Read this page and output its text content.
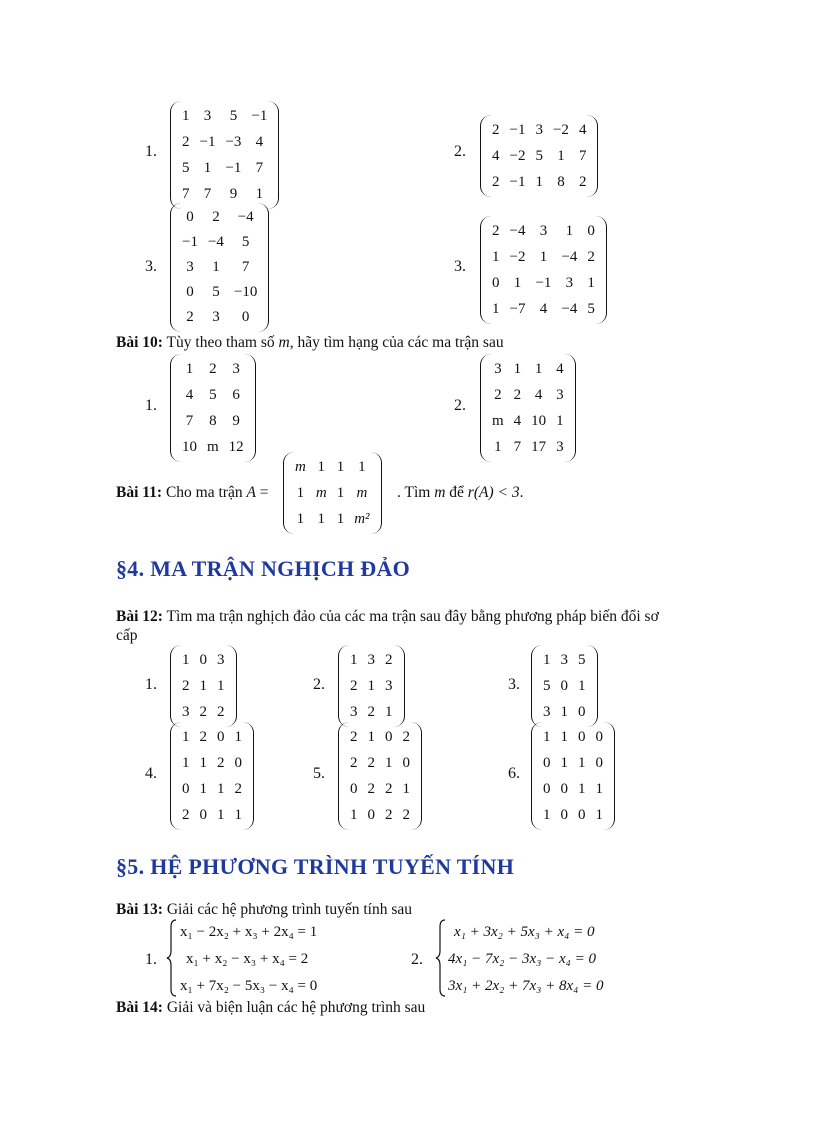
1.
1	3	5	−1
2	−1	−3	4
5	1	−1	7
7	7	9	1
2.
2	−1	3	−2	4
4	−2	5	1	7
2	−1	1	8	2
3.
0	2	−4
−1	−4	5
3	1	7
0	5	−10
2	3	0
3.
2	−4	3	1	0
1	−2	1	−4	2
0	1	−1	3	1
1	−7	4	−4	5
Bài 10: Tùy theo tham số m, hãy tìm hạng của các ma trận sau
1.
1	2	3
4	5	6
7	8	9
10	m	12
2.
3	1	1	4
2	2	4	3
m	4	10	1
1	7	17	3
Bài 11: Cho ma trận A =
m	1	1	1
1	m	1	m
1	1	1	m²
. Tìm m để r(A) < 3.
§4. MA TRẬN NGHỊCH ĐẢO
Bài 12: Tìm ma trận nghịch đảo của các ma trận sau đây bằng phương pháp biến đổi sơ
cấp
1.
1	0	3
2	1	1
3	2	2
2.
1	3	2
2	1	3
3	2	1
3.
1	3	5
5	0	1
3	1	0
4.
1	2	0	1
1	1	2	0
0	1	1	2
2	0	1	1
5.
2	1	0	2
2	2	1	0
0	2	2	1
1	0	2	2
6.
1	1	0	0
0	1	1	0
0	0	1	1
1	0	0	1
§5. HỆ PHƯƠNG TRÌNH TUYẾN TÍNH
Bài 13: Giải các hệ phương trình tuyến tính sau
1.
x₁ − 2x₂ + x₃ + 2x₄ = 1
x₁ + x₂ − x₃ + x₄ = 2
x₁ + 7x₂ − 5x₃ − x₄ = 0
2.
x₁ + 3x₂ + 5x₃ + x₄ = 0
4x₁ − 7x₂ − 3x₃ − x₄ = 0
3x₁ + 2x₂ + 7x₃ + 8x₄ = 0
Bài 14: Giải và biện luận các hệ phương trình sau
